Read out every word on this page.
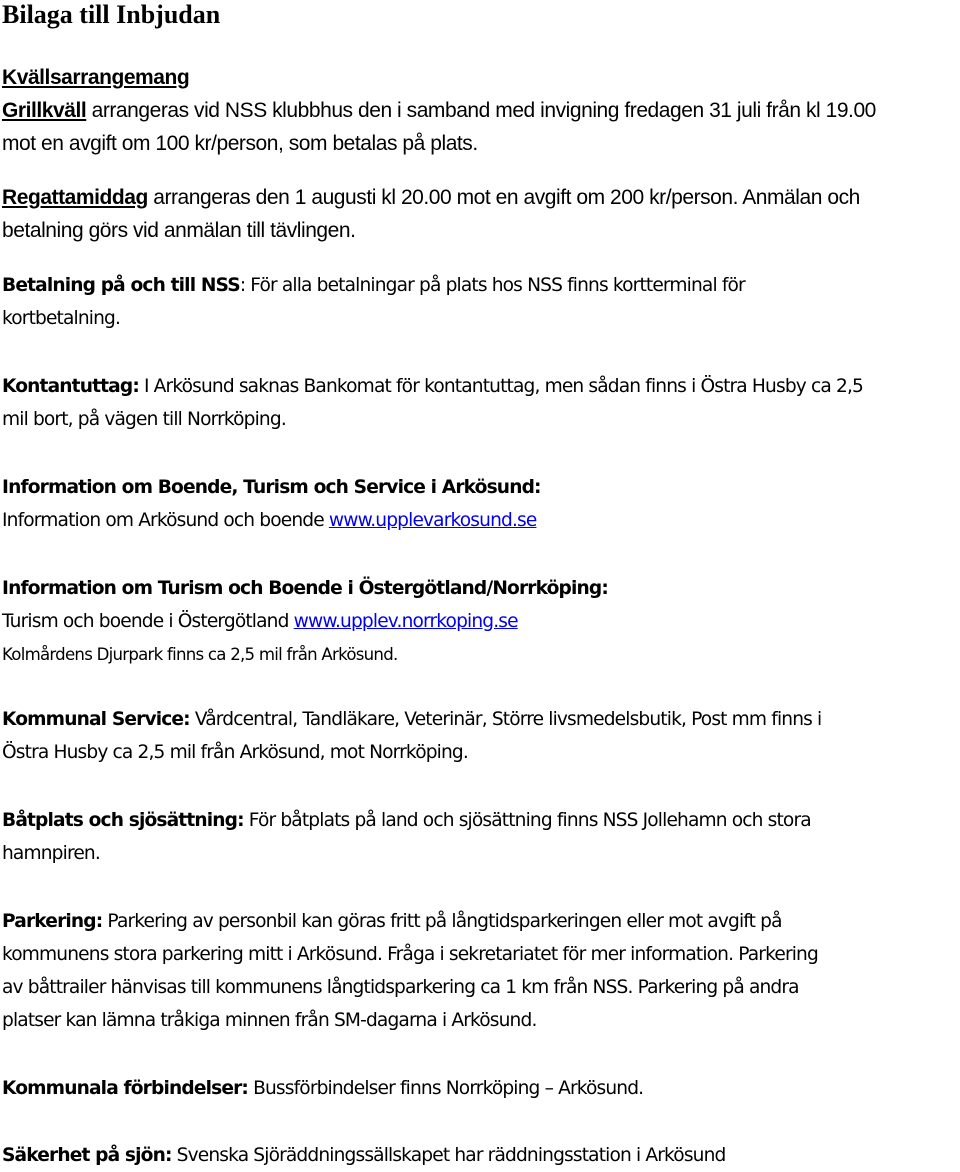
Bilaga till Inbjudan
Kvällsarrangemang
Grillkväll arrangeras vid NSS klubbhus den i samband med invigning fredagen 31 juli från kl 19.00
mot en avgift om 100 kr/person, som betalas på plats.
Regattamiddag arrangeras den 1 augusti kl 20.00 mot en avgift om 200 kr/person. Anmälan och
betalning görs vid anmälan till tävlingen.
Betalning på och till NSS: För alla betalningar på plats hos NSS finns kortterminal för
kortbetalning.
Kontantuttag: I Arkösund saknas Bankomat för kontantuttag, men sådan finns i Östra Husby ca 2,5
mil bort, på vägen till Norrköping.
Information om Boende, Turism och Service i Arkösund:
Information om Arkösund och boende www.upplevarkosund.se
Information om Turism och Boende i Östergötland/Norrköping:
Turism och boende i Östergötland www.upplev.norrkoping.se
Kolmårdens Djurpark finns ca 2,5 mil från Arkösund.
Kommunal Service: Vårdcentral, Tandläkare, Veterinär, Större livsmedelsbutik, Post mm finns i
Östra Husby ca 2,5 mil från Arkösund, mot Norrköping.
Båtplats och sjösättning: För båtplats på land och sjösättning finns NSS Jollehamn och stora
hamnpiren.
Parkering: Parkering av personbil kan göras fritt på långtidsparkeringen eller mot avgift på
kommunens stora parkering mitt i Arkösund. Fråga i sekretariatet för mer information. Parkering
av båttrailer hänvisas till kommunens långtidsparkering ca 1 km från NSS. Parkering på andra
platser kan lämna tråkiga minnen från SM-dagarna i Arkösund.
Kommunala förbindelser: Bussförbindelser finns Norrköping – Arkösund.
Säkerhet på sjön: Svenska Sjöräddningssällskapet har räddningsstation i Arkösund
